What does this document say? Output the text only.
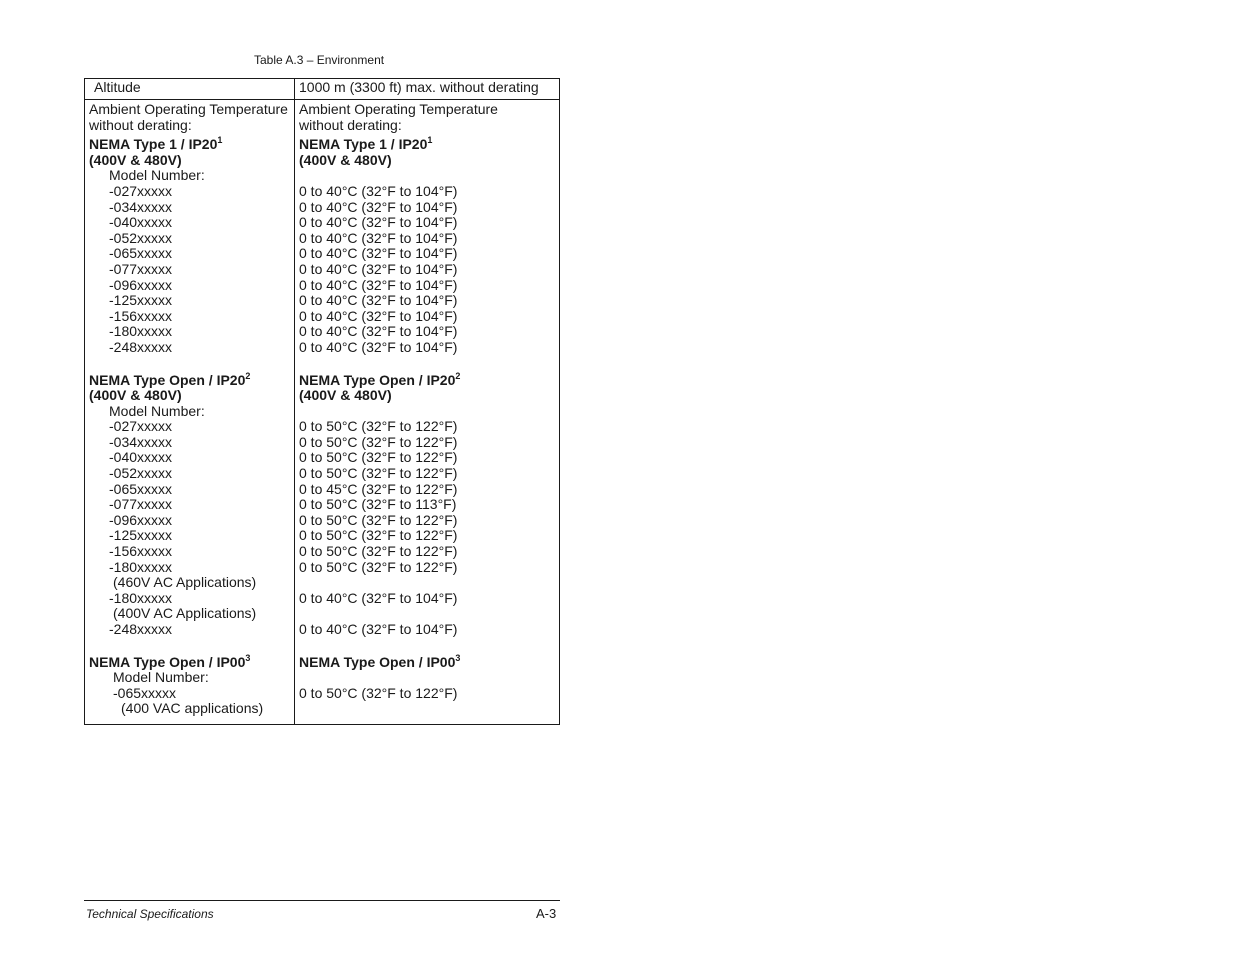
Table A.3 – Environment
Altitude	1000 m (3300 ft) max. without derating
Ambient Operating Temperature
without derating:
NEMA Type $1 / IP20^1$
(400V & 480V)
Model Number:
-027xxxxx
-034xxxxx
-040xxxxx
-052xxxxx
-065xxxxx
-077xxxxx
-096xxxxx
-125xxxxx
-156xxxxx
-180xxxxx
-248xxxxx
NEMA Type Open / $IP20^2$
(400V & 480V)
Model Number:
-027xxxxx
-034xxxxx
-040xxxxx
-052xxxxx
-065xxxxx
-077xxxxx
-096xxxxx
-125xxxxx
-156xxxxx
-180xxxxx
(460V AC Applications)
-180xxxxx
(400V AC Applications)
-248xxxxx
NEMA Type Open / $IP00^3$
Model Number:
-065xxxxx
(400 VAC applications)
Ambient Operating Temperature
without derating:
NEMA Type $1 / IP20^1$
(400V & 480V)
0 to 40°C (32°F to 104°F)
0 to 40°C (32°F to 104°F)
0 to 40°C (32°F to 104°F)
0 to 40°C (32°F to 104°F)
0 to 40°C (32°F to 104°F)
0 to 40°C (32°F to 104°F)
0 to 40°C (32°F to 104°F)
0 to 40°C (32°F to 104°F)
0 to 40°C (32°F to 104°F)
0 to 40°C (32°F to 104°F)
0 to 40°C (32°F to 104°F)
NEMA Type Open / $IP20^2$
(400V & 480V)
0 to 50°C (32°F to 122°F)
0 to 50°C (32°F to 122°F)
0 to 50°C (32°F to 122°F)
0 to 50°C (32°F to 122°F)
0 to 45°C (32°F to 122°F)
0 to 50°C (32°F to 113°F)
0 to 50°C (32°F to 122°F)
0 to 50°C (32°F to 122°F)
0 to 50°C (32°F to 122°F)
0 to 50°C (32°F to 122°F)
0 to 40°C (32°F to 104°F)
0 to 40°C (32°F to 104°F)
NEMA Type Open / $IP00^3$
0 to 50°C (32°F to 122°F)
Technical Specifications	A-3
